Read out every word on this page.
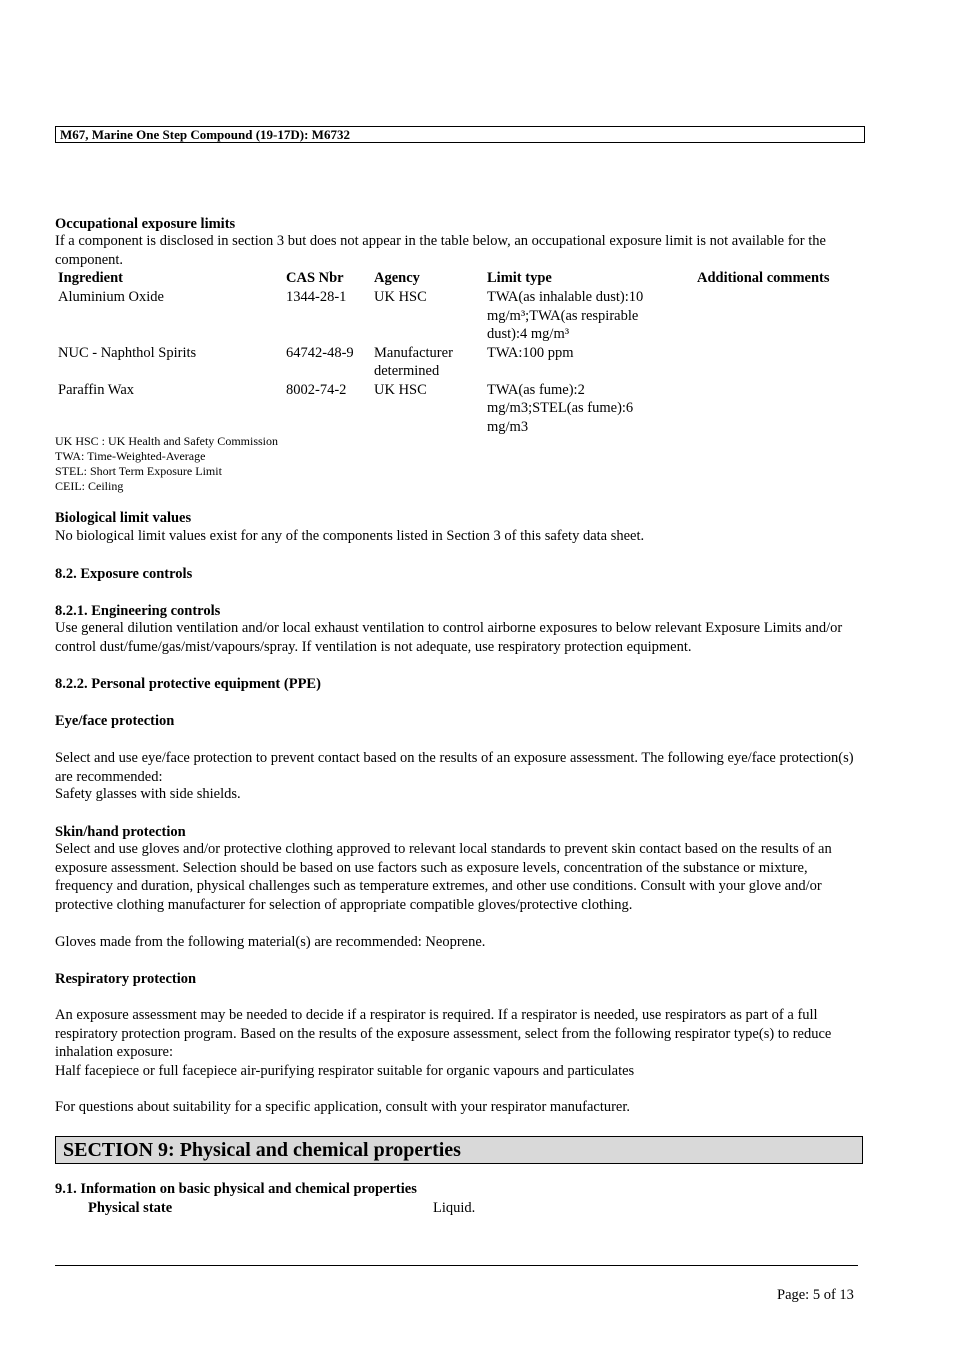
M67, Marine One Step Compound (19-17D): M6732
Occupational exposure limits
If a component is disclosed in section 3 but does not appear in the table below, an occupational exposure limit is not available for the component.
Ingredient	CAS Nbr	Agency	Limit type	Additional comments
Aluminium Oxide	1344-28-1	UK HSC	TWA(as inhalable dust):10
mg/m³;TWA(as respirable
dust):4 mg/m³	

NUC - Naphthol Spirits	64742-48-9	Manufacturer
determined	TWA:100 ppm	

Paraffin Wax	8002-74-2	UK HSC	TWA(as fume):2
mg/m3;STEL(as fume):6
mg/m3	

UK HSC : UK Health and Safety Commission
TWA: Time-Weighted-Average
STEL: Short Term Exposure Limit
CEIL: Ceiling
Biological limit values
No biological limit values exist for any of the components listed in Section 3 of this safety data sheet.
8.2. Exposure controls
8.2.1. Engineering controls
Use general dilution ventilation and/or local exhaust ventilation to control airborne exposures to below relevant Exposure Limits and/or control dust/fume/gas/mist/vapours/spray. If ventilation is not adequate, use respiratory protection equipment.
8.2.2. Personal protective equipment (PPE)
Eye/face protection
Select and use eye/face protection to prevent contact based on the results of an exposure assessment. The following eye/face protection(s) are recommended:
Safety glasses with side shields.
Skin/hand protection
Select and use gloves and/or protective clothing approved to relevant local standards to prevent skin contact based on the results of an exposure assessment. Selection should be based on use factors such as exposure levels, concentration of the substance or mixture, frequency and duration, physical challenges such as temperature extremes, and other use conditions. Consult with your glove and/or protective clothing manufacturer for selection of appropriate compatible gloves/protective clothing.
Gloves made from the following material(s) are recommended: Neoprene.
Respiratory protection
An exposure assessment may be needed to decide if a respirator is required. If a respirator is needed, use respirators as part of a full respiratory protection program. Based on the results of the exposure assessment, select from the following respirator type(s) to reduce inhalation exposure:
Half facepiece or full facepiece air-purifying respirator suitable for organic vapours and particulates
For questions about suitability for a specific application, consult with your respirator manufacturer.
SECTION 9: Physical and chemical properties
9.1. Information on basic physical and chemical properties
Physical state	Liquid.
Page: 5 of 13
